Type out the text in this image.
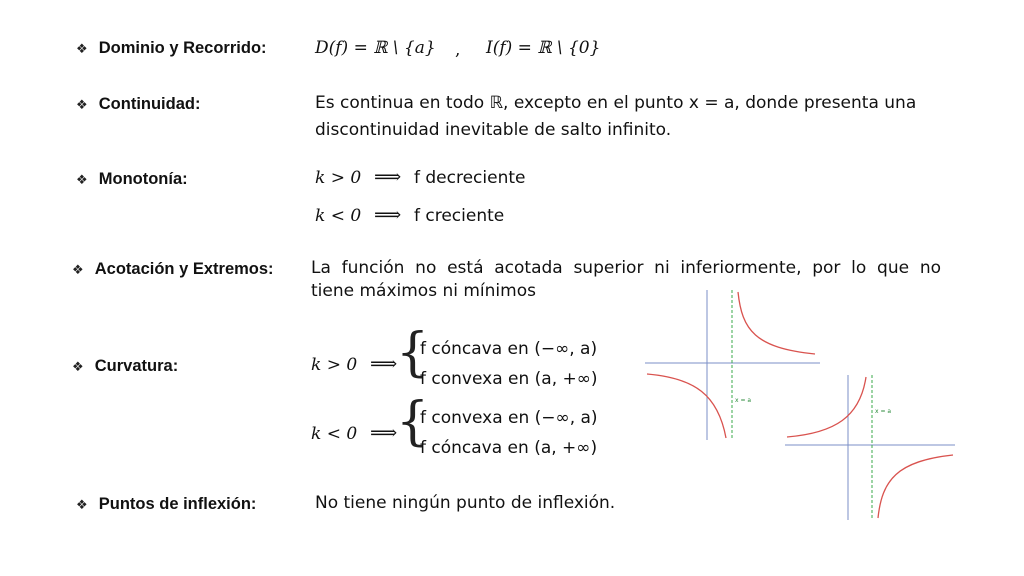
❖ Dominio y Recorrido:	D(f) = ℝ \ {a} , I(f) = ℝ \ {0}
❖ Continuidad:	Es continua en todo ℝ, excepto en el punto x = a, donde presenta una
discontinuidad inevitable de salto infinito.
❖ Monotonía:	k > 0 ⟹ f decreciente
k < 0 ⟹ f creciente
❖ Acotación y Extremos: La función no está acotada superior ni inferiormente, por lo que no
tiene máximos ni mínimos
❖ Curvatura:	k > 0 ⟹
{
f cóncava en (−∞, a)
f convexa en (a, +∞)
k < 0 ⟹
{
f convexa en (−∞, a)
f cóncava en (a, +∞)
❖ Puntos de inflexión:	No tiene ningún punto de inflexión.
x = a
x = a
